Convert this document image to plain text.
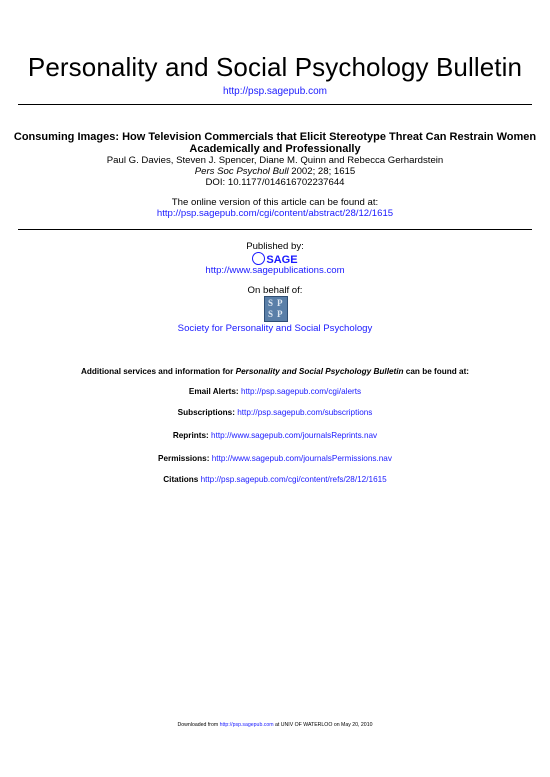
Personality and Social Psychology Bulletin
http://psp.sagepub.com
Consuming Images: How Television Commercials that Elicit Stereotype Threat Can Restrain Women
Academically and Professionally
Paul G. Davies, Steven J. Spencer, Diane M. Quinn and Rebecca Gerhardstein
Pers Soc Psychol Bull 2002; 28; 1615
DOI: 10.1177/014616702237644
The online version of this article can be found at:
http://psp.sagepub.com/cgi/content/abstract/28/12/1615
Published by:
SAGE
http://www.sagepublications.com
On behalf of:
S P
S P
Society for Personality and Social Psychology
Additional services and information for Personality and Social Psychology Bulletin can be found at:
Email Alerts: http://psp.sagepub.com/cgi/alerts
Subscriptions: http://psp.sagepub.com/subscriptions
Reprints: http://www.sagepub.com/journalsReprints.nav
Permissions: http://www.sagepub.com/journalsPermissions.nav
Citations http://psp.sagepub.com/cgi/content/refs/28/12/1615
Downloaded from http://psp.sagepub.com at UNIV OF WATERLOO on May 20, 2010
